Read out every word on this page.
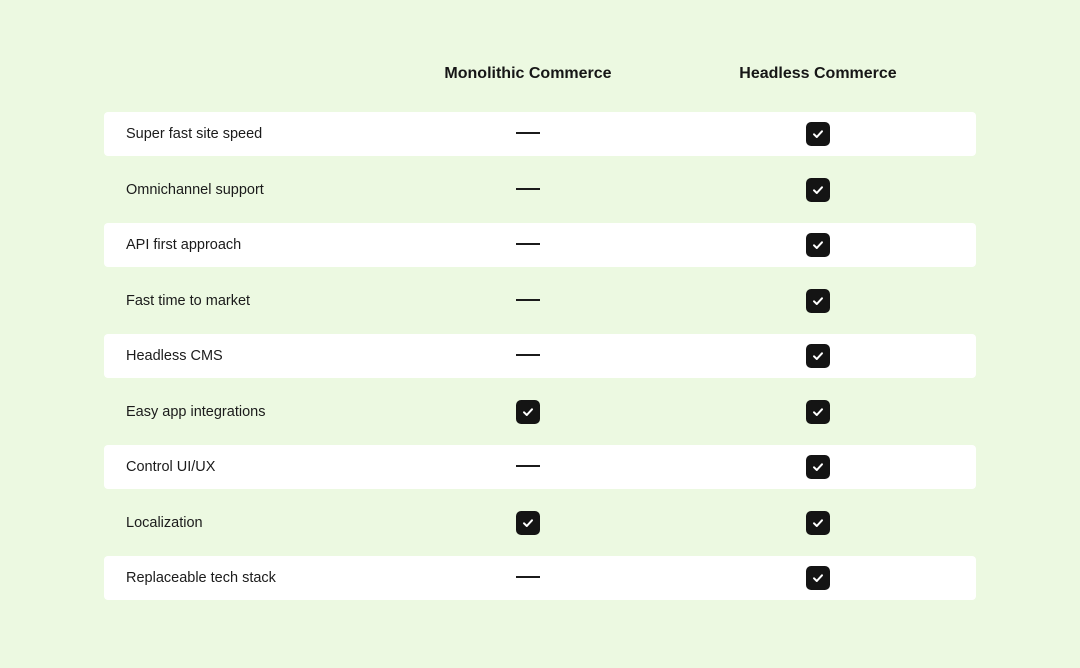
Monolithic Commerce	Headless Commerce
Super fast site speed
Omnichannel support
API first approach
Fast time to market
Headless CMS
Easy app integrations
Control UI/UX
Localization
Replaceable tech stack
